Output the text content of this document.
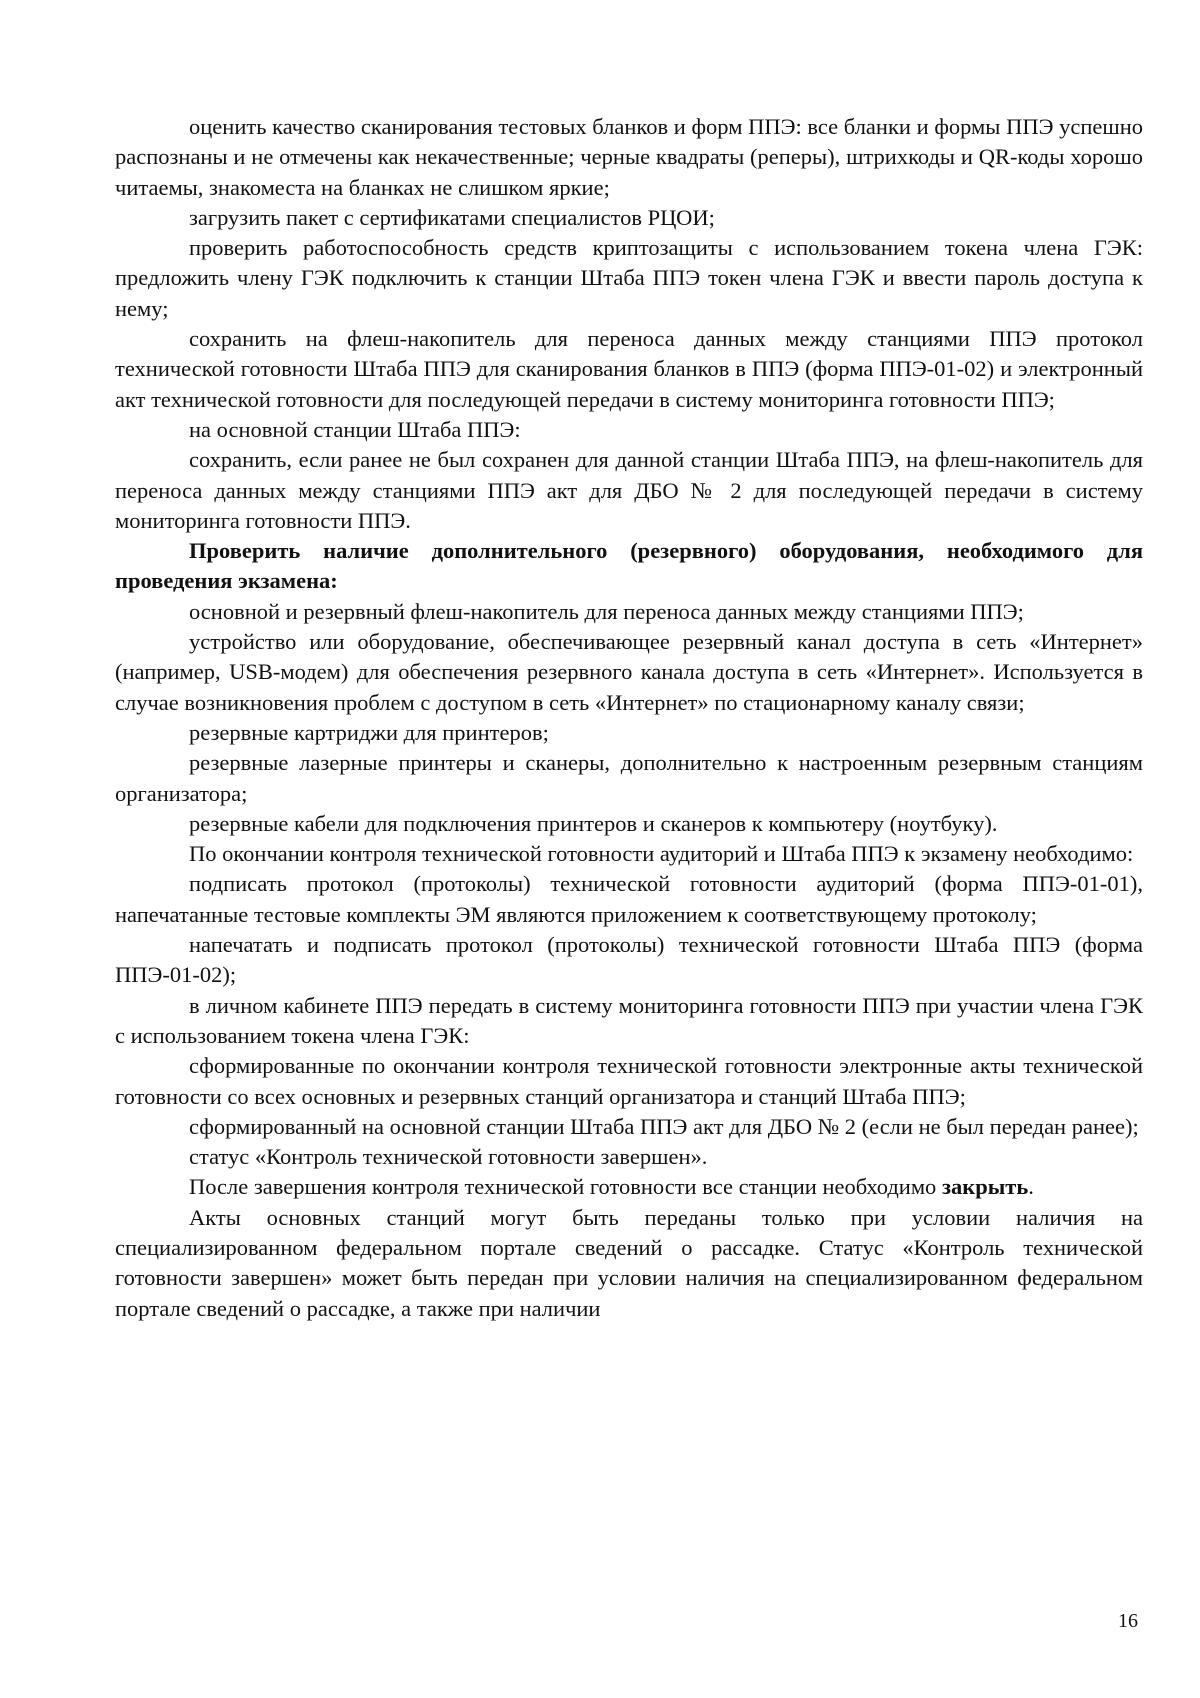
оценить качество сканирования тестовых бланков и форм ППЭ: все бланки и формы ППЭ успешно распознаны и не отмечены как некачественные; черные квадраты (реперы), штрихкоды и QR-коды хорошо читаемы, знакоместа на бланках не слишком яркие;

загрузить пакет с сертификатами специалистов РЦОИ;

проверить работоспособность средств криптозащиты с использованием токена члена ГЭК: предложить члену ГЭК подключить к станции Штаба ППЭ токен члена ГЭК и ввести пароль доступа к нему;

сохранить на флеш-накопитель для переноса данных между станциями ППЭ протокол технической готовности Штаба ППЭ для сканирования бланков в ППЭ (форма ППЭ-01-02) и электронный акт технической готовности для последующей передачи в систему мониторинга готовности ППЭ;

на основной станции Штаба ППЭ:

сохранить, если ранее не был сохранен для данной станции Штаба ППЭ, на флеш-накопитель для переноса данных между станциями ППЭ акт для ДБО № 2 для последующей передачи в систему мониторинга готовности ППЭ.

Проверить наличие дополнительного (резервного) оборудования, необходимого для проведения экзамена:

основной и резервный флеш-накопитель для переноса данных между станциями ППЭ;

устройство или оборудование, обеспечивающее резервный канал доступа в сеть «Интернет» (например, USB-модем) для обеспечения резервного канала доступа в сеть «Интернет». Используется в случае возникновения проблем с доступом в сеть «Интернет» по стационарному каналу связи;

резервные картриджи для принтеров;

резервные лазерные принтеры и сканеры, дополнительно к настроенным резервным станциям организатора;

резервные кабели для подключения принтеров и сканеров к компьютеру (ноутбуку).

По окончании контроля технической готовности аудиторий и Штаба ППЭ к экзамену необходимо:

подписать протокол (протоколы) технической готовности аудиторий (форма ППЭ-01-01), напечатанные тестовые комплекты ЭМ являются приложением к соответствующему протоколу;

напечатать и подписать протокол (протоколы) технической готовности Штаба ППЭ (форма ППЭ-01-02);

в личном кабинете ППЭ передать в систему мониторинга готовности ППЭ при участии члена ГЭК с использованием токена члена ГЭК:

сформированные по окончании контроля технической готовности электронные акты технической готовности со всех основных и резервных станций организатора и станций Штаба ППЭ;

сформированный на основной станции Штаба ППЭ акт для ДБО № 2 (если не был передан ранее);

статус «Контроль технической готовности завершен».

После завершения контроля технической готовности все станции необходимо закрыть.

Акты основных станций могут быть переданы только при условии наличия на специализированном федеральном портале сведений о рассадке. Статус «Контроль технической готовности завершен» может быть передан при условии наличия на специализированном федеральном портале сведений о рассадке, а также при наличии

16
